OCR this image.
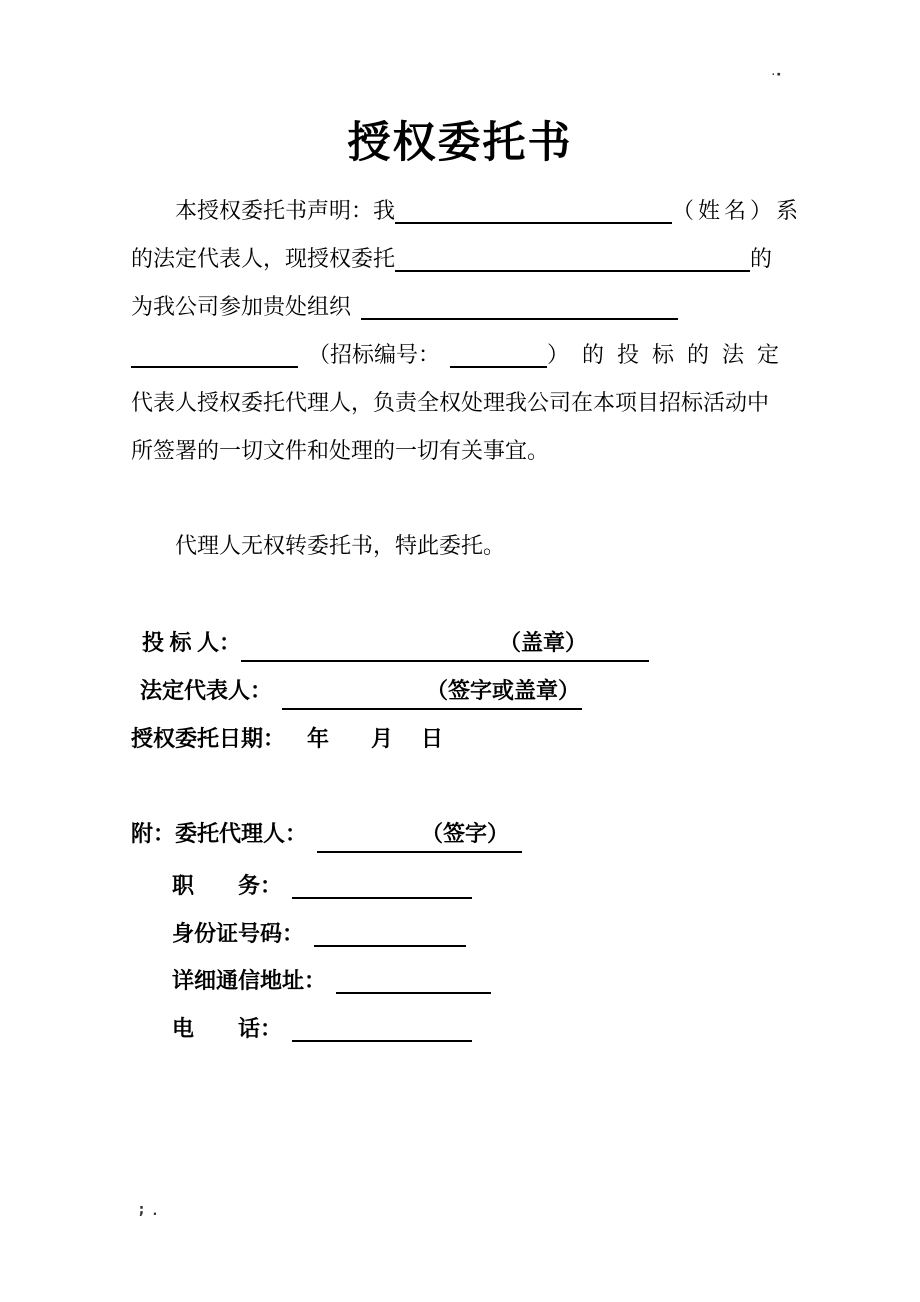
·▪
授权委托书
本授权委托书声明：我	（姓名）系
的法定代表人，现授权委托	的
为我公司参加贵处组织
（招标编号：	）的投标的法定
代表人授权委托代理人，负责全权处理我公司在本项目招标活动中
所签署的一切文件和处理的一切有关事宜。
代理人无权转委托书，特此委托。
投 标 人：	（盖章）
法定代表人：	（签字或盖章）
授权委托日期： 年 月 日
附：委托代理人：	（签字）
职　　务：
身份证号码：
详细通信地址：
电　　话：
; .
